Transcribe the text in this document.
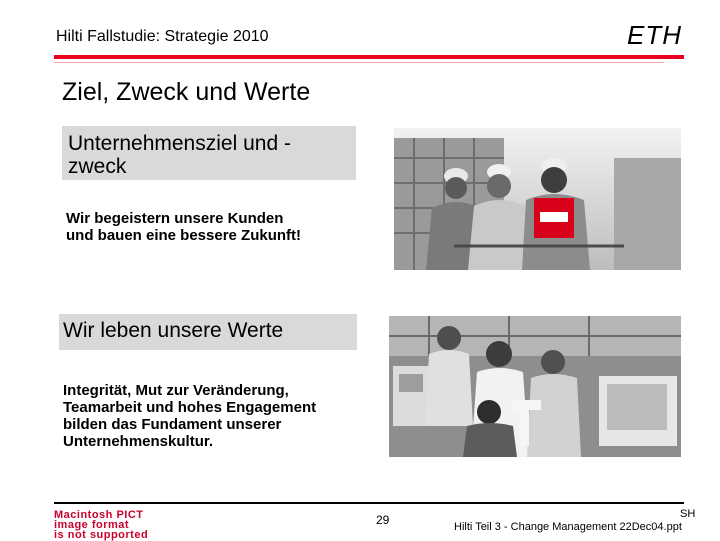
Hilti Fallstudie: Strategie 2010	ETH
Ziel, Zweck und Werte
Unternehmensziel und -
zweck
Wir begeistern unsere Kunden
und bauen eine bessere Zukunft!
Wir leben unsere Werte
Integrität, Mut zur Veränderung,
Teamarbeit und hohes Engagement
bilden das Fundament unserer
Unternehmenskultur.
Macintosh PICT
image format
is not supported
29	SH
Hilti Teil 3 - Change Management 22Dec04.ppt
